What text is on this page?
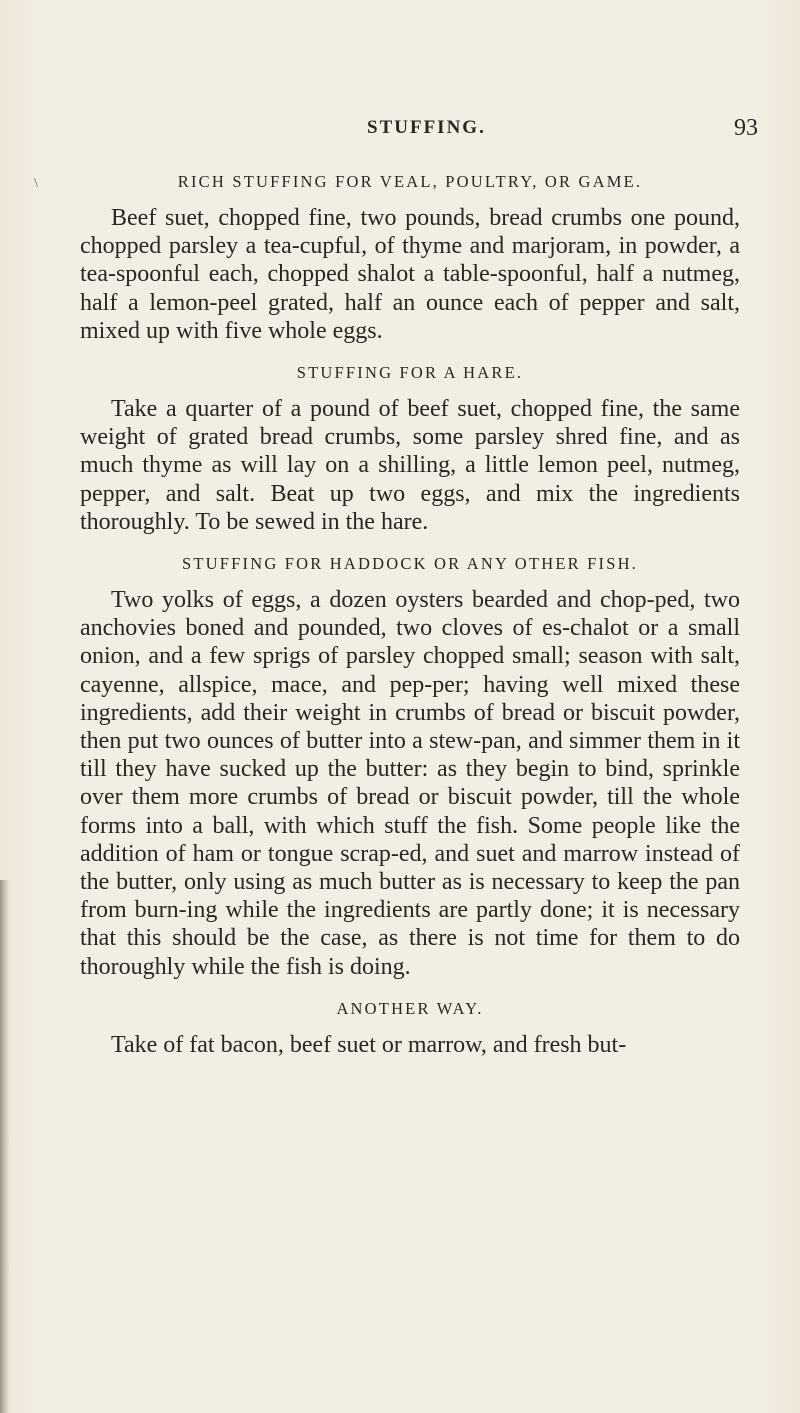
STUFFING.	93
\	RICH STUFFING FOR VEAL, POULTRY, OR GAME.

Beef suet, chopped fine, two pounds, bread crumbs one pound, chopped parsley a tea-cupful, of thyme and marjoram, in powder, a tea-spoonful each, chopped shalot a table-spoonful, half a nutmeg, half a lemon-peel grated, half an ounce each of pepper and salt, mixed up with five whole eggs.

STUFFING FOR A HARE.

Take a quarter of a pound of beef suet, chopped fine, the same weight of grated bread crumbs, some parsley shred fine, and as much thyme as will lay on a shilling, a little lemon peel, nutmeg, pepper, and salt. Beat up two eggs, and mix the ingredients thoroughly. To be sewed in the hare.

STUFFING FOR HADDOCK OR ANY OTHER FISH.

Two yolks of eggs, a dozen oysters bearded and chop-ped, two anchovies boned and pounded, two cloves of es-chalot or a small onion, and a few sprigs of parsley chopped small; season with salt, cayenne, allspice, mace, and pep-per; having well mixed these ingredients, add their weight in crumbs of bread or biscuit powder, then put two ounces of butter into a stew-pan, and simmer them in it till they have sucked up the butter: as they begin to bind, sprinkle over them more crumbs of bread or biscuit powder, till the whole forms into a ball, with which stuff the fish. Some people like the addition of ham or tongue scrap-ed, and suet and marrow instead of the butter, only using as much butter as is necessary to keep the pan from burn-ing while the ingredients are partly done; it is necessary that this should be the case, as there is not time for them to do thoroughly while the fish is doing.

ANOTHER WAY.

Take of fat bacon, beef suet or marrow, and fresh but-
